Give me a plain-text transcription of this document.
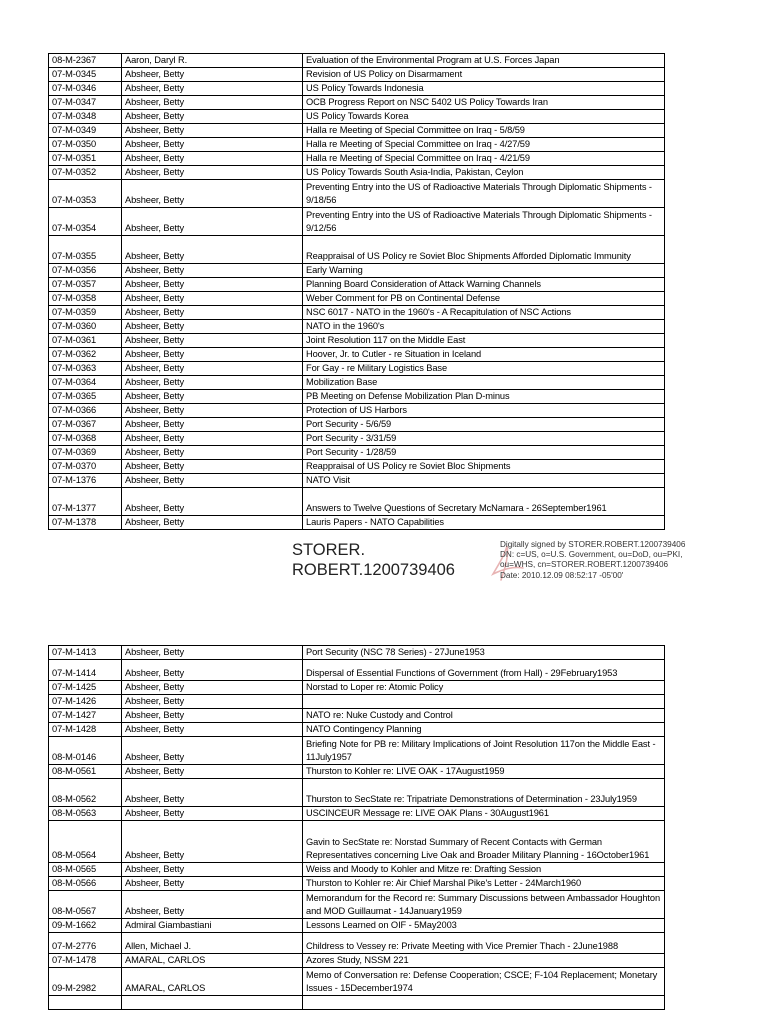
08-M-2367	Aaron, Daryl R.	Evaluation of the Environmental Program at U.S. Forces Japan
07-M-0345	Absheer, Betty	Revision of US Policy on Disarmament
07-M-0346	Absheer, Betty	US Policy Towards Indonesia
07-M-0347	Absheer, Betty	OCB Progress Report on NSC 5402 US Policy Towards Iran
07-M-0348	Absheer, Betty	US Policy Towards Korea
07-M-0349	Absheer, Betty	Halla re Meeting of Special Committee on Iraq - 5/8/59
07-M-0350	Absheer, Betty	Halla re Meeting of Special Committee on Iraq - 4/27/59
07-M-0351	Absheer, Betty	Halla re Meeting of Special Committee on Iraq - 4/21/59
07-M-0352	Absheer, Betty	US Policy Towards South Asia-India, Pakistan, Ceylon
07-M-0353	Absheer, Betty	Preventing Entry into the US of Radioactive Materials Through Diplomatic Shipments - 9/18/56
07-M-0354	Absheer, Betty	Preventing Entry into the US of Radioactive Materials Through Diplomatic Shipments - 9/12/56
07-M-0355	Absheer, Betty	Reappraisal of US Policy re Soviet Bloc Shipments Afforded Diplomatic Immunity
07-M-0356	Absheer, Betty	Early Warning
07-M-0357	Absheer, Betty	Planning Board Consideration of Attack Warning Channels
07-M-0358	Absheer, Betty	Weber Comment for PB on Continental Defense
07-M-0359	Absheer, Betty	NSC 6017 - NATO in the 1960's - A Recapitulation of NSC Actions
07-M-0360	Absheer, Betty	NATO in the 1960's
07-M-0361	Absheer, Betty	Joint Resolution 117 on the Middle East
07-M-0362	Absheer, Betty	Hoover, Jr. to Cutler - re Situation in Iceland
07-M-0363	Absheer, Betty	For Gay - re Military Logistics Base
07-M-0364	Absheer, Betty	Mobilization Base
07-M-0365	Absheer, Betty	PB Meeting on Defense Mobilization Plan D-minus
07-M-0366	Absheer, Betty	Protection of US Harbors
07-M-0367	Absheer, Betty	Port Security - 5/6/59
07-M-0368	Absheer, Betty	Port Security - 3/31/59
07-M-0369	Absheer, Betty	Port Security - 1/28/59
07-M-0370	Absheer, Betty	Reappraisal of US Policy re Soviet Bloc Shipments
07-M-1376	Absheer, Betty	NATO Visit
07-M-1377	Absheer, Betty	Answers to Twelve Questions of Secretary McNamara - 26September1961
07-M-1378	Absheer, Betty	Lauris Papers - NATO Capabilities
STORER.
ROBERT.1200739406
Digitally signed by STORER.ROBERT.1200739406
DN: c=US, o=U.S. Government, ou=DoD, ou=PKI,
ou=WHS, cn=STORER.ROBERT.1200739406
Date: 2010.12.09 08:52:17 -05'00'
07-M-1413	Absheer, Betty	Port Security (NSC 78 Series) - 27June1953
07-M-1414	Absheer, Betty	Dispersal of Essential Functions of Government (from Hall) - 29February1953
07-M-1425	Absheer, Betty	Norstad to Loper re: Atomic Policy
07-M-1426	Absheer, Betty	
07-M-1427	Absheer, Betty	NATO re: Nuke Custody and Control
07-M-1428	Absheer, Betty	NATO Contingency Planning
08-M-0146	Absheer, Betty	Briefing Note for PB re: Military Implications of Joint Resolution 117on the Middle East - 11July1957
08-M-0561	Absheer, Betty	Thurston to Kohler re: LIVE OAK - 17August1959
08-M-0562	Absheer, Betty	Thurston to SecState re: Tripatriate Demonstrations of Determination - 23July1959
08-M-0563	Absheer, Betty	USCINCEUR Message re: LIVE OAK Plans - 30August1961
08-M-0564	Absheer, Betty	Gavin to SecState re: Norstad Summary of Recent Contacts with German Representatives concerning Live Oak and Broader Military Planning - 16October1961
08-M-0565	Absheer, Betty	Weiss and Moody to Kohler and Mitze re: Drafting Session
08-M-0566	Absheer, Betty	Thurston to Kohler re: Air Chief Marshal Pike's Letter - 24March1960
08-M-0567	Absheer, Betty	Memorandum for the Record re: Summary Discussions between Ambassador Houghton and MOD Guillaumat - 14January1959
09-M-1662	Admiral Giambastiani	Lessons Learned on OIF - 5May2003
07-M-2776	Allen, Michael J.	Childress to Vessey re: Private Meeting with Vice Premier Thach - 2June1988
07-M-1478	AMARAL, CARLOS	Azores Study, NSSM 221
09-M-2982	AMARAL, CARLOS	Memo of Conversation re: Defense Cooperation; CSCE; F-104 Replacement; Monetary Issues - 15December1974
